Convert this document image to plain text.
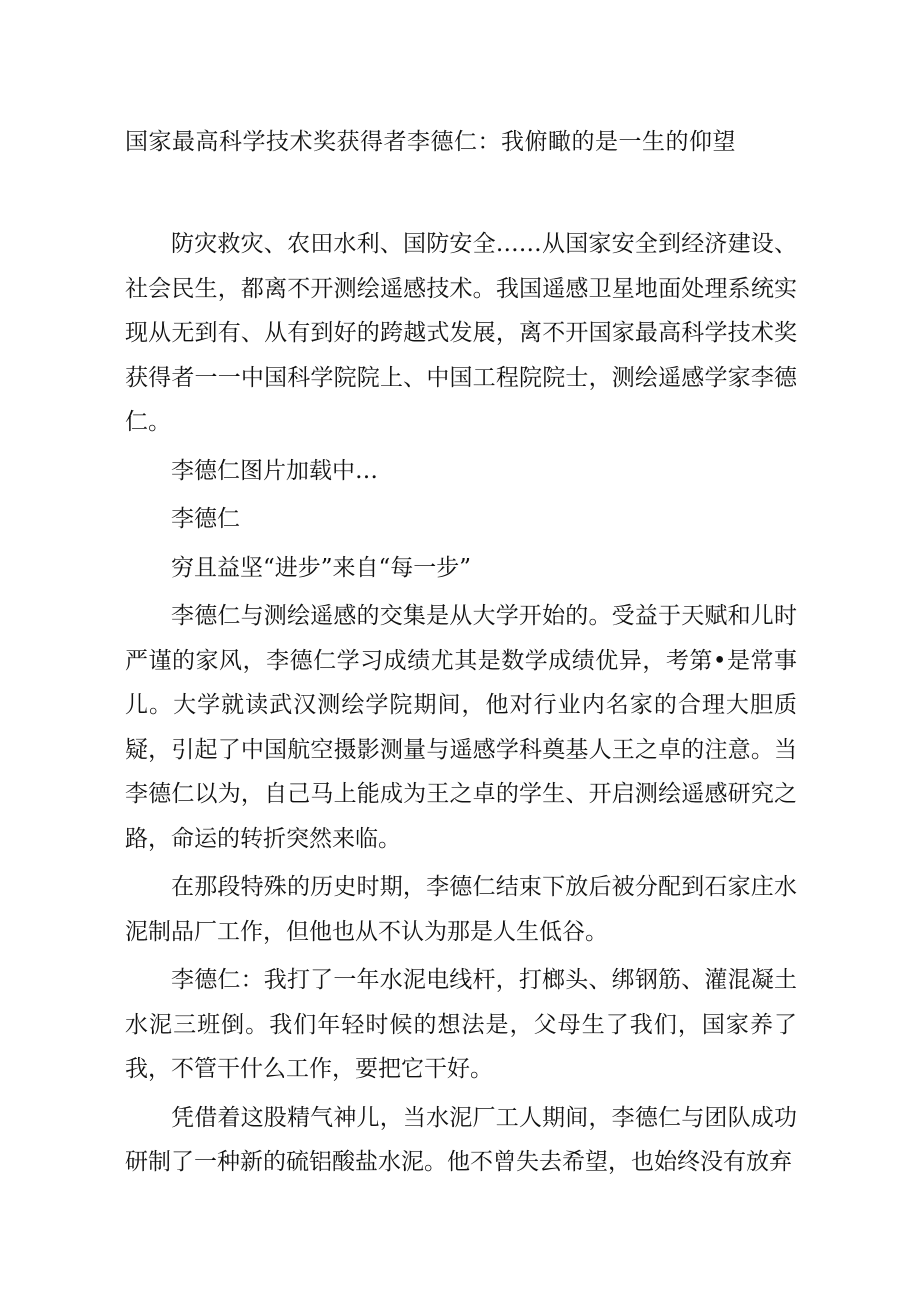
国家最高科学技术奖获得者李德仁：我俯瞰的是一生的仰望

防灾救灾、农田水利、国防安全……从国家安全到经济建设、社会民生，都离不开测绘遥感技术。我国遥感卫星地面处理系统实现从无到有、从有到好的跨越式发展，离不开国家最高科学技术奖获得者一一中国科学院院上、中国工程院院士，测绘遥感学家李德仁。

李德仁图片加载中…

李德仁

穷且益坚“进步”来自“每一步”

李德仁与测绘遥感的交集是从大学开始的。受益于天赋和儿时严谨的家风，李德仁学习成绩尤其是数学成绩优异，考第•是常事儿。大学就读武汉测绘学院期间，他对行业内名家的合理大胆质疑，引起了中国航空摄影测量与遥感学科奠基人王之卓的注意。当李德仁以为，自己马上能成为王之卓的学生、开启测绘遥感研究之路，命运的转折突然来临。

在那段特殊的历史时期，李德仁结束下放后被分配到石家庄水泥制品厂工作，但他也从不认为那是人生低谷。

李德仁：我打了一年水泥电线杆，打榔头、绑钢筋、灌混凝土水泥三班倒。我们年轻时候的想法是，父母生了我们，国家养了我，不管干什么工作，要把它干好。

凭借着这股精气神儿，当水泥厂工人期间，李德仁与团队成功研制了一种新的硫铝酸盐水泥。他不曾失去希望，也始终没有放弃
